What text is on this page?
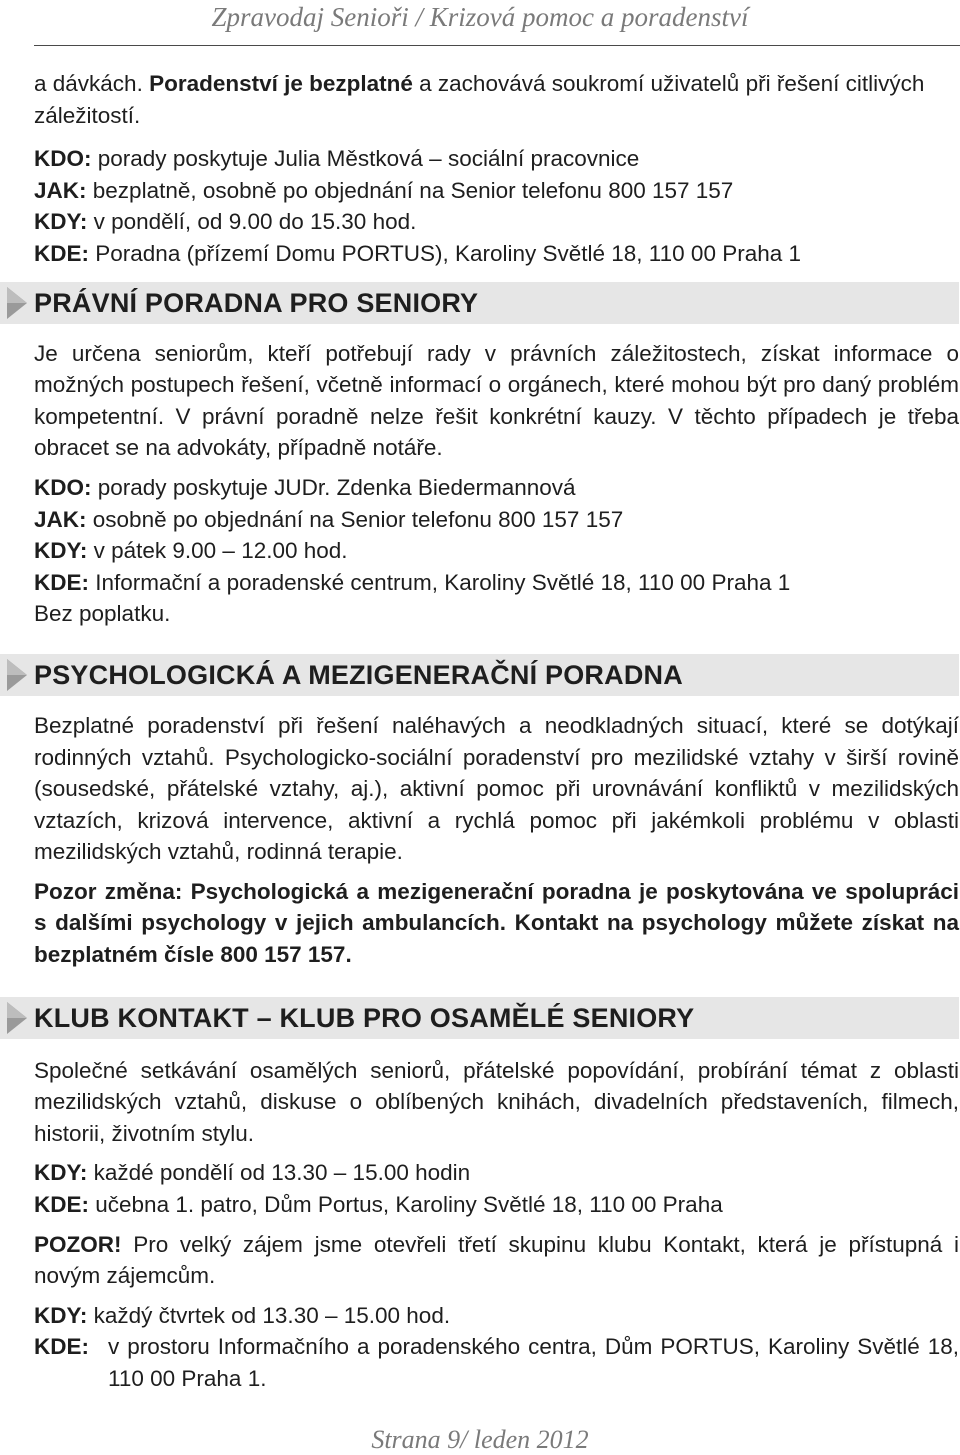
Zpravodaj Senioři / Krizová pomoc a poradenství

a dávkách. Poradenství je bezplatné a zachovává soukromí uživatelů při řešení citlivých záležitostí.

KDO: porady poskytuje Julia Městková – sociální pracovnice

JAK: bezplatně, osobně po objednání na Senior telefonu 800 157 157

KDY: v pondělí, od 9.00 do 15.30 hod.

KDE: Poradna (přízemí Domu PORTUS), Karoliny Světlé 18, 110 00 Praha 1

PRÁVNÍ PORADNA PRO SENIORY

Je určena seniorům, kteří potřebují rady v právních záležitostech, získat informace o možných postupech řešení, včetně informací o orgánech, které mohou být pro daný problém kompetentní. V právní poradně nelze řešit konkrétní kauzy. V těchto případech je třeba obracet se na advokáty, případně notáře.

KDO: porady poskytuje JUDr. Zdenka Biedermannová

JAK: osobně po objednání na Senior telefonu 800 157 157

KDY: v pátek 9.00 – 12.00 hod.

KDE: Informační a poradenské centrum, Karoliny Světlé 18, 110 00 Praha 1

Bez poplatku.

PSYCHOLOGICKÁ A MEZIGENERAČNÍ PORADNA

Bezplatné poradenství při řešení naléhavých a neodkladných situací, které se dotýkají rodinných vztahů. Psychologicko-sociální poradenství pro mezilidské vztahy v širší rovině (sousedské, přátelské vztahy, aj.), aktivní pomoc při urovnávání konfliktů v mezilidských vztazích, krizová intervence, aktivní a rychlá pomoc při jakémkoli problému v oblasti mezilidských vztahů, rodinná terapie.

Pozor změna: Psychologická a mezigenerační poradna je poskytována ve spolupráci s dalšími psychology v jejich ambulancích. Kontakt na psychology můžete získat na bezplatném čísle 800 157 157.

KLUB KONTAKT – KLUB PRO OSAMĚLÉ SENIORY

Společné setkávání osamělých seniorů, přátelské popovídání, probírání témat z oblasti mezilidských vztahů, diskuse o oblíbených knihách, divadelních představeních, filmech, historii, životním stylu.

KDY: každé pondělí od 13.30 – 15.00 hodin

KDE: učebna 1. patro, Dům Portus, Karoliny Světlé 18, 110 00 Praha

POZOR! Pro velký zájem jsme otevřeli třetí skupinu klubu Kontakt, která je přístupná i novým zájemcům.

KDY: každý čtvrtek od 13.30 – 15.00 hod.

KDE: v prostoru Informačního a poradenského centra, Dům PORTUS, Karoliny Světlé 18, 110 00 Praha 1.

Strana 9/ leden 2012
